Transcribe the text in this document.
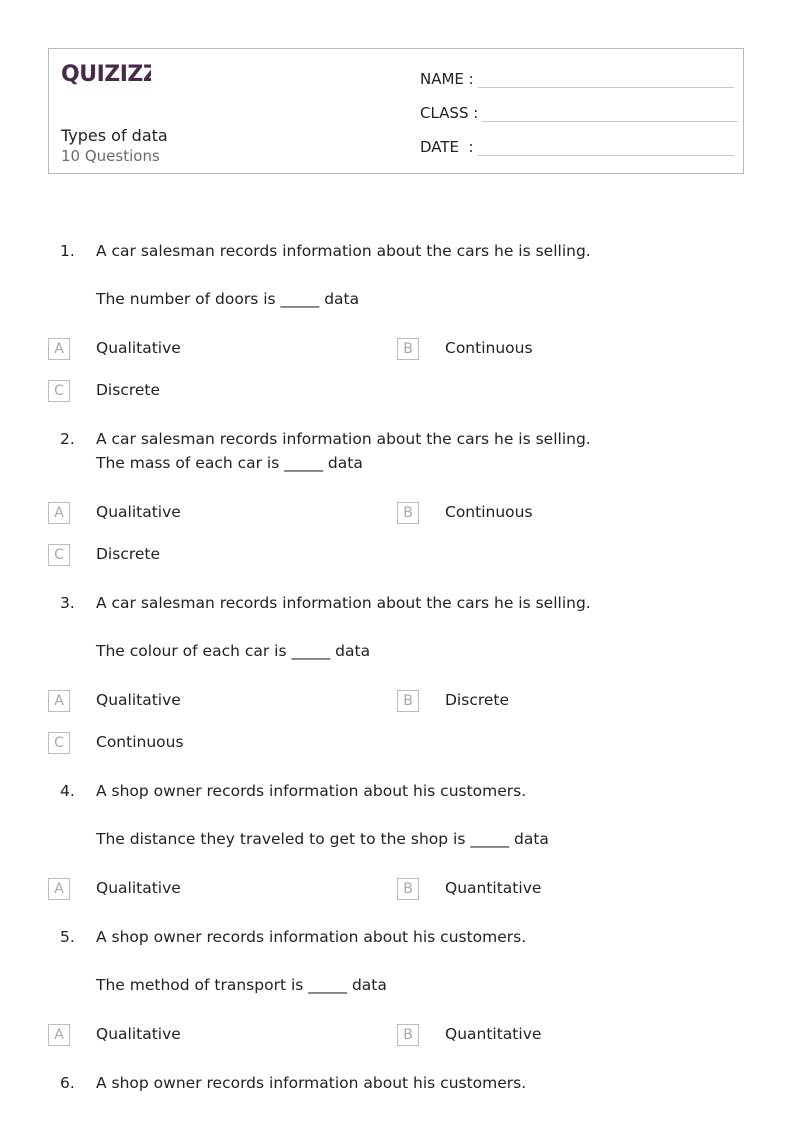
QUIZIZZ
Types of data
10 Questions
NAME :
CLASS :
DATE  :
1. A car salesman records information about the cars he is selling.
The number of doors is _____ data
A	Qualitative	B	Continuous
C	Discrete
2. A car salesman records information about the cars he is selling.
The mass of each car is _____ data
A	Qualitative	B	Continuous
C	Discrete
3. A car salesman records information about the cars he is selling.
The colour of each car is _____ data
A	Qualitative	B	Discrete
C	Continuous
4. A shop owner records information about his customers.
The distance they traveled to get to the shop is _____ data
A	Qualitative	B	Quantitative
5. A shop owner records information about his customers.
The method of transport is _____ data
A	Qualitative	B	Quantitative
6. A shop owner records information about his customers.
